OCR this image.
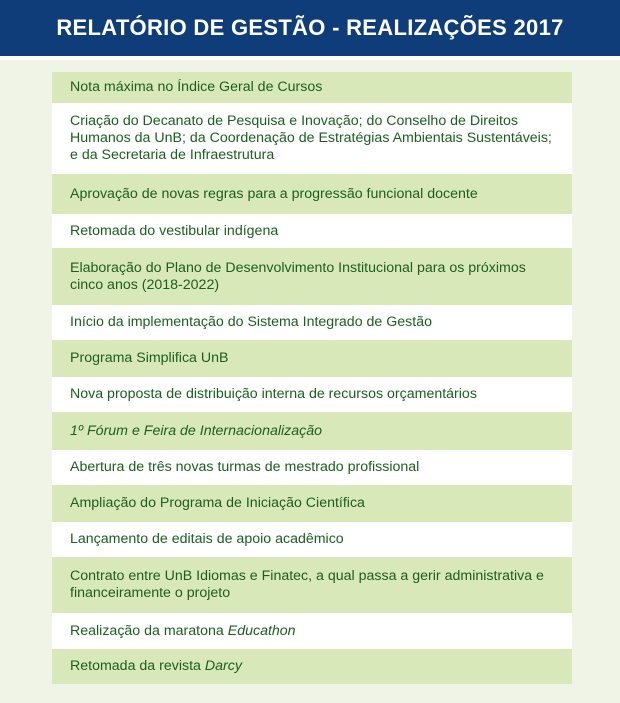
RELATÓRIO DE GESTÃO - REALIZAÇÕES 2017
Nota máxima no Índice Geral de Cursos
Criação do Decanato de Pesquisa e Inovação; do Conselho de Direitos Humanos da UnB; da Coordenação de Estratégias Ambientais Sustentáveis; e da Secretaria de Infraestrutura
Aprovação de novas regras para a progressão funcional docente
Retomada do vestibular indígena
Elaboração do Plano de Desenvolvimento Institucional para os próximos cinco anos (2018-2022)
Início da implementação do Sistema Integrado de Gestão
Programa Simplifica UnB
Nova proposta de distribuição interna de recursos orçamentários
1º Fórum e Feira de Internacionalização
Abertura de três novas turmas de mestrado profissional
Ampliação do Programa de Iniciação Científica
Lançamento de editais de apoio acadêmico
Contrato entre UnB Idiomas e Finatec, a qual passa a gerir administrativa e financeiramente o projeto
Realização da maratona Educathon
Retomada da revista Darcy
